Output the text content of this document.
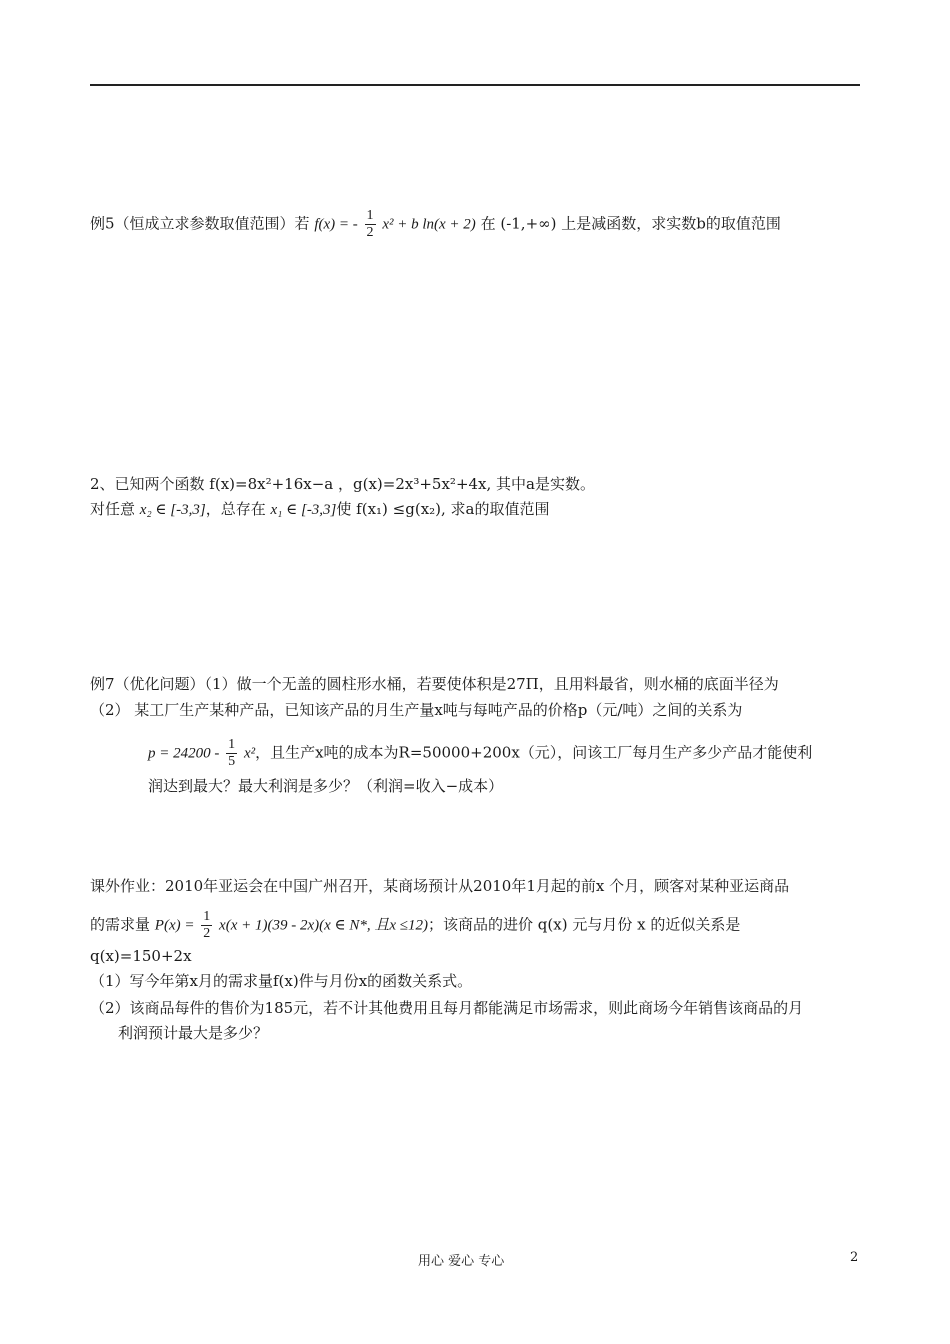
例5（恒成立求参数取值范围）若 f(x) = - $\frac{1}{2} x^2 + b$ ln(x + 2) 在 (-1,+∞) 上是减函数，求实数b的取值范围
2、已知两个函数 f(x)=8x²+16x−a ，g(x)=2x³+5x²+4x, 其中a是实数。
对任意 x₂ ∈ [-3,3]，总存在 x₁ ∈ [-3,3]使 f(x₁) ≤g(x₂), 求a的取值范围
例7（优化问题）（1）做一个无盖的圆柱形水桶，若要使体积是27Π，且用料最省，则水桶的底面半径为
（2） 某工厂生产某种产品，已知该产品的月生产量x吨与每吨产品的价格p（元/吨）之间的关系为
$p = 24200 - \frac{1}{5} x^2$，且生产x吨的成本为R=50000+200x（元），问该工厂每月生产多少产品才能使利
润达到最大？最大利润是多少？（利润=收入−成本）
课外作业：2010年亚运会在中国广州召开，某商场预计从2010年1月起的前x 个月，顾客对某种亚运商品
的需求量 $P(x) = \frac{1}{2} x(x + 1)(39 - 2x)(x$ ∈ N*, 且x ≤12)；该商品的进价 q(x) 元与月份 x 的近似关系是
q(x)=150+2x
（1）写今年第x月的需求量f(x)件与月份x的函数关系式。
（2）该商品每件的售价为185元，若不计其他费用且每月都能满足市场需求，则此商场今年销售该商品的月
利润预计最大是多少？
用心 爱心 专心	2
